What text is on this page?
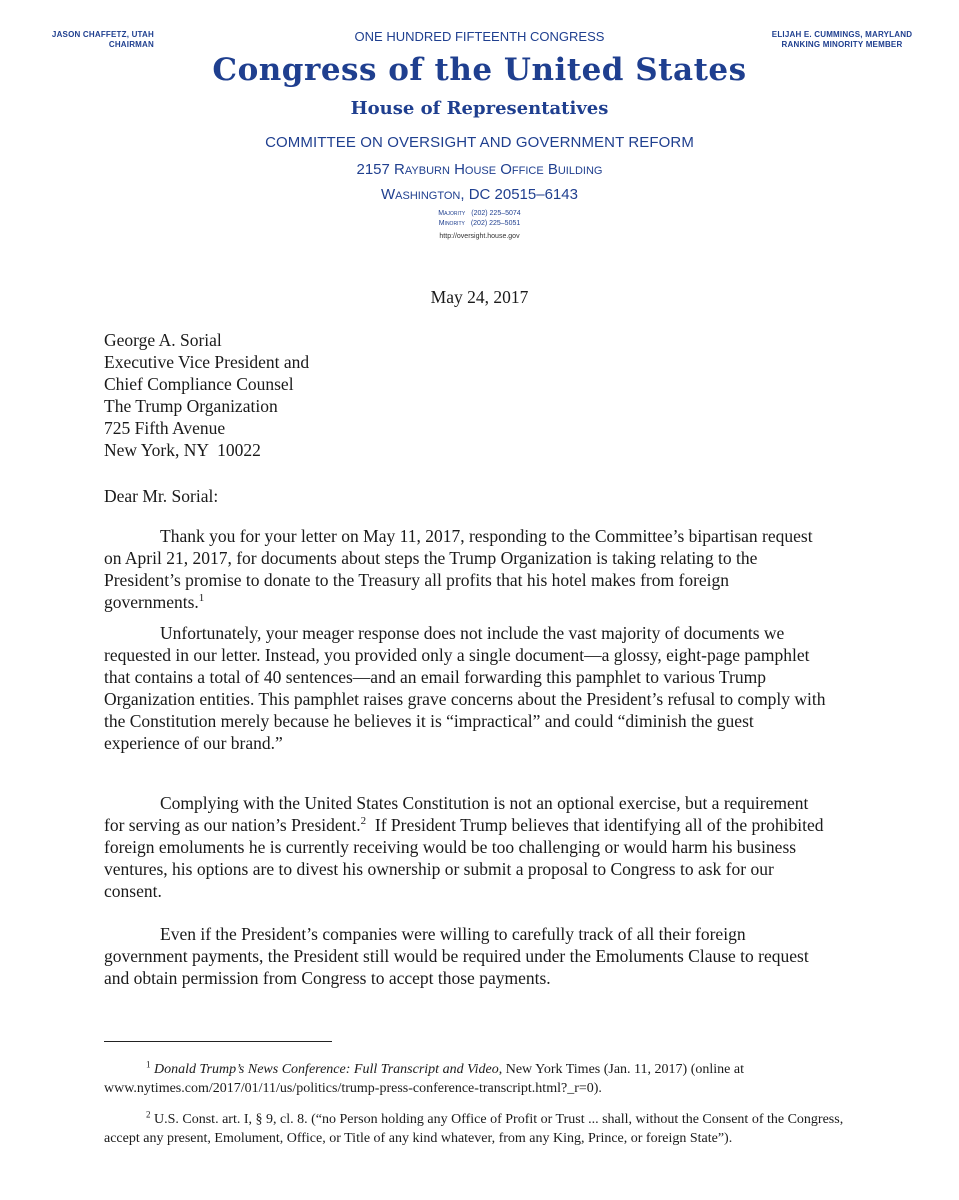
JASON CHAFFETZ, UTAH
CHAIRMAN
ELIJAH E. CUMMINGS, MARYLAND
RANKING MINORITY MEMBER
ONE HUNDRED FIFTEENTH CONGRESS
Congress of the United States
House of Representatives
COMMITTEE ON OVERSIGHT AND GOVERNMENT REFORM
2157 Rayburn House Office Building
Washington, DC 20515–6143
Majority (202) 225–5074
Minority (202) 225–5051
http://oversight.house.gov
May 24, 2017
George A. Sorial
Executive Vice President and
Chief Compliance Counsel
The Trump Organization
725 Fifth Avenue
New York, NY  10022
Dear Mr. Sorial:

Thank you for your letter on May 11, 2017, responding to the Committee’s bipartisan request on April 21, 2017, for documents about steps the Trump Organization is taking relating to the President’s promise to donate to the Treasury all profits that his hotel makes from foreign governments.$^1$

Unfortunately, your meager response does not include the vast majority of documents we requested in our letter. Instead, you provided only a single document—a glossy, eight-page pamphlet that contains a total of 40 sentences—and an email forwarding this pamphlet to various Trump Organization entities. This pamphlet raises grave concerns about the President’s refusal to comply with the Constitution merely because he believes it is “impractical” and could “diminish the guest experience of our brand.”

Complying with the United States Constitution is not an optional exercise, but a requirement for serving as our nation’s President.$^2$  If President Trump believes that identifying all of the prohibited foreign emoluments he is currently receiving would be too challenging or would harm his business ventures, his options are to divest his ownership or submit a proposal to Congress to ask for our consent.

Even if the President’s companies were willing to carefully track of all their foreign government payments, the President still would be required under the Emoluments Clause to request and obtain permission from Congress to accept those payments.

$^1$ Donald Trump’s News Conference: Full Transcript and Video, New York Times (Jan. 11, 2017) (online at www.nytimes.com/2017/01/11/us/politics/trump-press-conference-transcript.html?_r=0).

$^2$ U.S. Const. art. I, § 9, cl. 8. (“no Person holding any Office of Profit or Trust ... shall, without the Consent of the Congress, accept any present, Emolument, Office, or Title of any kind whatever, from any King, Prince, or foreign State”).
